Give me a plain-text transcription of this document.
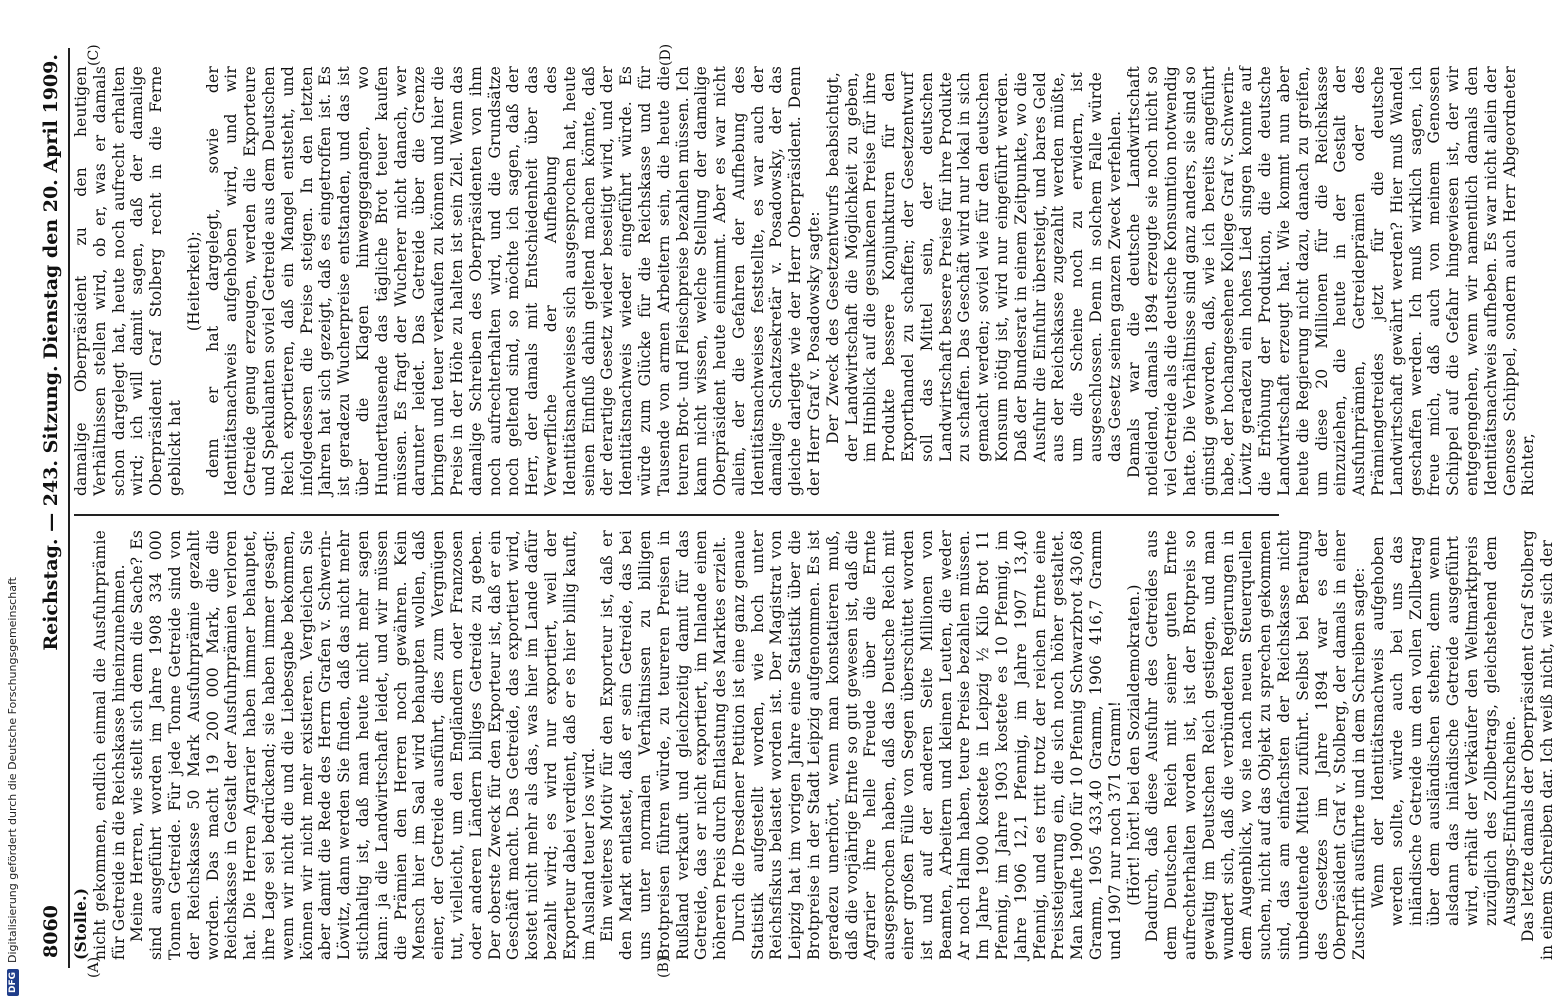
8060
Reichstag. — 243. Sitzung.
Dienstag den 20. April 1909.
(A)	(B)
(C)	(D)

(Stolle.) nicht gekommen, endlich einmal die Ausfuhrprämie für Getreide in die Reichskasse hineinzunehmen. Meine Herren, wie stellt sich denn die Sache? Es sind ausgeführt worden im Jahre 1908 334 000 Tonnen Getreide. Für jede Tonne Getreide sind von der Reichskasse 50 Mark Ausfuhrprämie gezahlt worden. Das macht 19 200 000 Mark, die die Reichskasse in Gestalt der Ausfuhrprämien verloren hat. Die Herren Agrarier haben immer behauptet, ihre Lage sei bedrückend; sie haben immer gesagt: wenn wir nicht die und die Liebesgabe bekommen, können wir nicht mehr existieren. Vergleichen Sie aber damit die Rede des Herrn Grafen v. Schwerin-Löwitz, dann werden Sie finden, daß das nicht mehr stichhaltig ist, daß man heute nicht mehr sagen kann: ja die Landwirtschaft leidet, und wir müssen die Prämien den Herren noch gewähren. Kein Mensch hier im Saal wird behaupten wollen, daß einer, der Getreide ausführt, dies zum Vergnügen tut, vielleicht, um den Engländern oder Franzosen oder anderen Ländern billiges Getreide zu geben. Der oberste Zweck für den Exporteur ist, daß er ein Geschäft macht. Das Getreide, das exportiert wird, kostet nicht mehr als das, was hier im Lande dafür bezahlt wird; es wird nur exportiert, weil der Exporteur dabei verdient, daß er es hier billig kauft, im Ausland teuer los wird. Ein weiteres Motiv für den Exporteur ist, daß er den Markt entlastet, daß er sein Getreide, das bei uns unter normalen Verhältnissen zu billigen Brotpreisen führen würde, zu teureren Preisen in Rußland verkauft und gleichzeitig damit für das Getreide, das er nicht exportiert, im Inlande einen höheren Preis durch Entlastung des Marktes erzielt. Durch die Dresdener Petition ist eine ganz genaue Statistik aufgestellt worden, wie hoch unter Reichsfiskus belastet worden ist. Der Magistrat von Leipzig hat im vorigen Jahre eine Statistik über die Brotpreise in der Stadt Leipzig aufgenommen. Es ist geradezu unerhört, wenn man konstatieren muß, daß die vorjährige Ernte so gut gewesen ist, daß die Agrarier ihre helle Freude über die Ernte ausgesprochen haben, daß das Deutsche Reich mit einer großen Fülle von Segen überschüttet worden ist und auf der anderen Seite Millionen von Beamten, Arbeitern und kleinen Leuten, die weder Ar noch Halm haben, teure Preise bezahlen müssen. Im Jahre 1900 kostete in Leipzig ½ Kilo Brot 11 Pfennig, im Jahre 1903 kostete es 10 Pfennig, im Jahre 1906 12,1 Pfennig, im Jahre 1907 13,40 Pfennig, und es tritt trotz der reichen Ernte eine Preissteigerung ein, die sich noch höher gestaltet. Man kaufte 1900 für 10 Pfennig Schwarzbrot 430,68 Gramm, 1905 433,40 Gramm, 1906 416,7 Gramm und 1907 nur noch 371 Gramm! (Hört! hört! bei den Sozialdemokraten.) Dadurch, daß diese Ausfuhr des Getreides aus dem Deutschen Reich mit seiner guten Ernte aufrechterhalten worden ist, ist der Brotpreis so gewaltig im Deutschen Reich gestiegen, und man wundert sich, daß die verbündeten Regierungen in dem Augenblick, wo sie nach neuen Steuerquellen suchen, nicht auf das Objekt zu sprechen gekommen sind, das am einfachsten der Reichskasse nicht unbedeutende Mittel zuführt. Selbst bei Beratung des Gesetzes im Jahre 1894 war es der Oberpräsident Graf v. Stolberg, der damals in einer Zuschrift ausführte und in dem Schreiben sagte: Wenn der Identitätsnachweis aufgehoben werden sollte, würde auch bei uns das inländische Getreide um den vollen Zollbetrag über dem ausländischen stehen; denn wenn alsdann das inländische Getreide ausgeführt wird, erhält der Verkäufer den Weltmarktpreis zuzüglich des Zollbetrags, gleichstehend dem Ausgangs-Einfuhrscheine. Das letzte damals der Oberpräsident Graf Stolberg in einem Schreiben dar. Ich weiß nicht, wie sich der

damalige Oberpräsident zu den heutigen Verhältnissen stellen wird, ob er, was er damals schon dargelegt hat, heute noch aufrecht erhalten wird; ich will damit sagen, daß der damalige Oberpräsident Graf Stolberg recht in die Ferne geblickt hat

(Heiterkeit); denn er hat dargelegt, sowie der Identitätsnachweis aufgehoben wird, und wir Getreide genug erzeugen, werden die Exporteure und Spekulanten soviel Getreide aus dem Deutschen Reich exportieren, daß ein Mangel entsteht, und infolgedessen die Preise steigen. In den letzten Jahren hat sich gezeigt, daß es eingetroffen ist. Es ist geradezu Wucherpreise entstanden, und das ist über die Klagen hinweggegangen, wo Hunderttausende das tägliche Brot teuer kaufen müssen. Es fragt der Wucherer nicht danach, wer darunter leidet. Das Getreide über die Grenze bringen und teuer verkaufen zu können und hier die Preise in der Höhe zu halten ist sein Ziel. Wenn das damalige Schreiben des Oberpräsidenten von ihm noch aufrechterhalten wird, und die Grundsätze noch geltend sind, so möchte ich sagen, daß der Herr, der damals mit Entschiedenheit über das Verwerfliche der Aufhebung des Identitätsnachweises sich ausgesprochen hat, heute seinen Einfluß dahin geltend machen könnte, daß der derartige Gesetz wieder beseitigt wird, und der Identitätsnachweis wieder eingeführt würde. Es würde zum Glücke für die Reichskasse und für Tausende von armen Arbeitern sein, die heute die teuren Brot- und Fleischpreise bezahlen müssen. Ich kann nicht wissen, welche Stellung der damalige Oberpräsident heute einnimmt. Aber es war nicht allein, der die Gefahren der Aufhebung des Identitätsnachweises feststellte, es war auch der damalige Schatzsekretär v. Posadowsky, der das gleiche darlegte wie der Herr Oberpräsident. Denn der Herr Graf v. Posadowsky sagte: Der Zweck des Gesetzentwurfs beabsichtigt, der Landwirtschaft die Möglichkeit zu geben, im Hinblick auf die gesunkenen Preise für ihre Produkte bessere Konjunkturen für den Exporthandel zu schaffen; der Gesetzentwurf soll das Mittel sein, der deutschen Landwirtschaft bessere Preise für ihre Produkte zu schaffen. Das Geschäft wird nur lokal in sich gemacht werden; soviel wie für den deutschen Konsum nötig ist, wird nur eingeführt werden. Daß der Bundesrat in einem Zeitpunkte, wo die Ausfuhr die Einfuhr übersteigt, und bares Geld aus der Reichskasse zugezahlt werden müßte, um die Scheine noch zu erwidern, ist ausgeschlossen. Denn in solchem Falle würde das Gesetz seinen ganzen Zweck verfehlen. Damals war die deutsche Landwirtschaft notleidend, damals 1894 erzeugte sie noch nicht so viel Getreide als die deutsche Konsumtion notwendig hatte. Die Verhältnisse sind ganz anders, sie sind so günstig geworden, daß, wie ich bereits angeführt habe, der hochangesehene Kollege Graf v. Schwerin-Löwitz geradezu ein hohes Lied singen konnte auf die Erhöhung der Produktion, die die deutsche Landwirtschaft erzeugt hat. Wie kommt nun aber heute die Regierung nicht dazu, danach zu greifen, um diese 20 Millionen für die Reichskasse einzuziehen, die heute in der Gestalt der Ausfuhrprämien, Getreideprämien oder des Prämiengetreides jetzt für die deutsche Landwirtschaft gewährt werden? Hier muß Wandel geschaffen werden. Ich muß wirklich sagen, ich freue mich, daß auch von meinem Genossen Schippel auf die Gefahr hingewiesen ist, der wir entgegengehen, wenn wir namentlich damals den Identitätsnachweis aufheben. Es war nicht allein der Genosse Schippel, sondern auch Herr Abgeordneter Richter,

DFG
Digitalisierung gefördert durch die Deutsche Forschungsgemeinschaft
